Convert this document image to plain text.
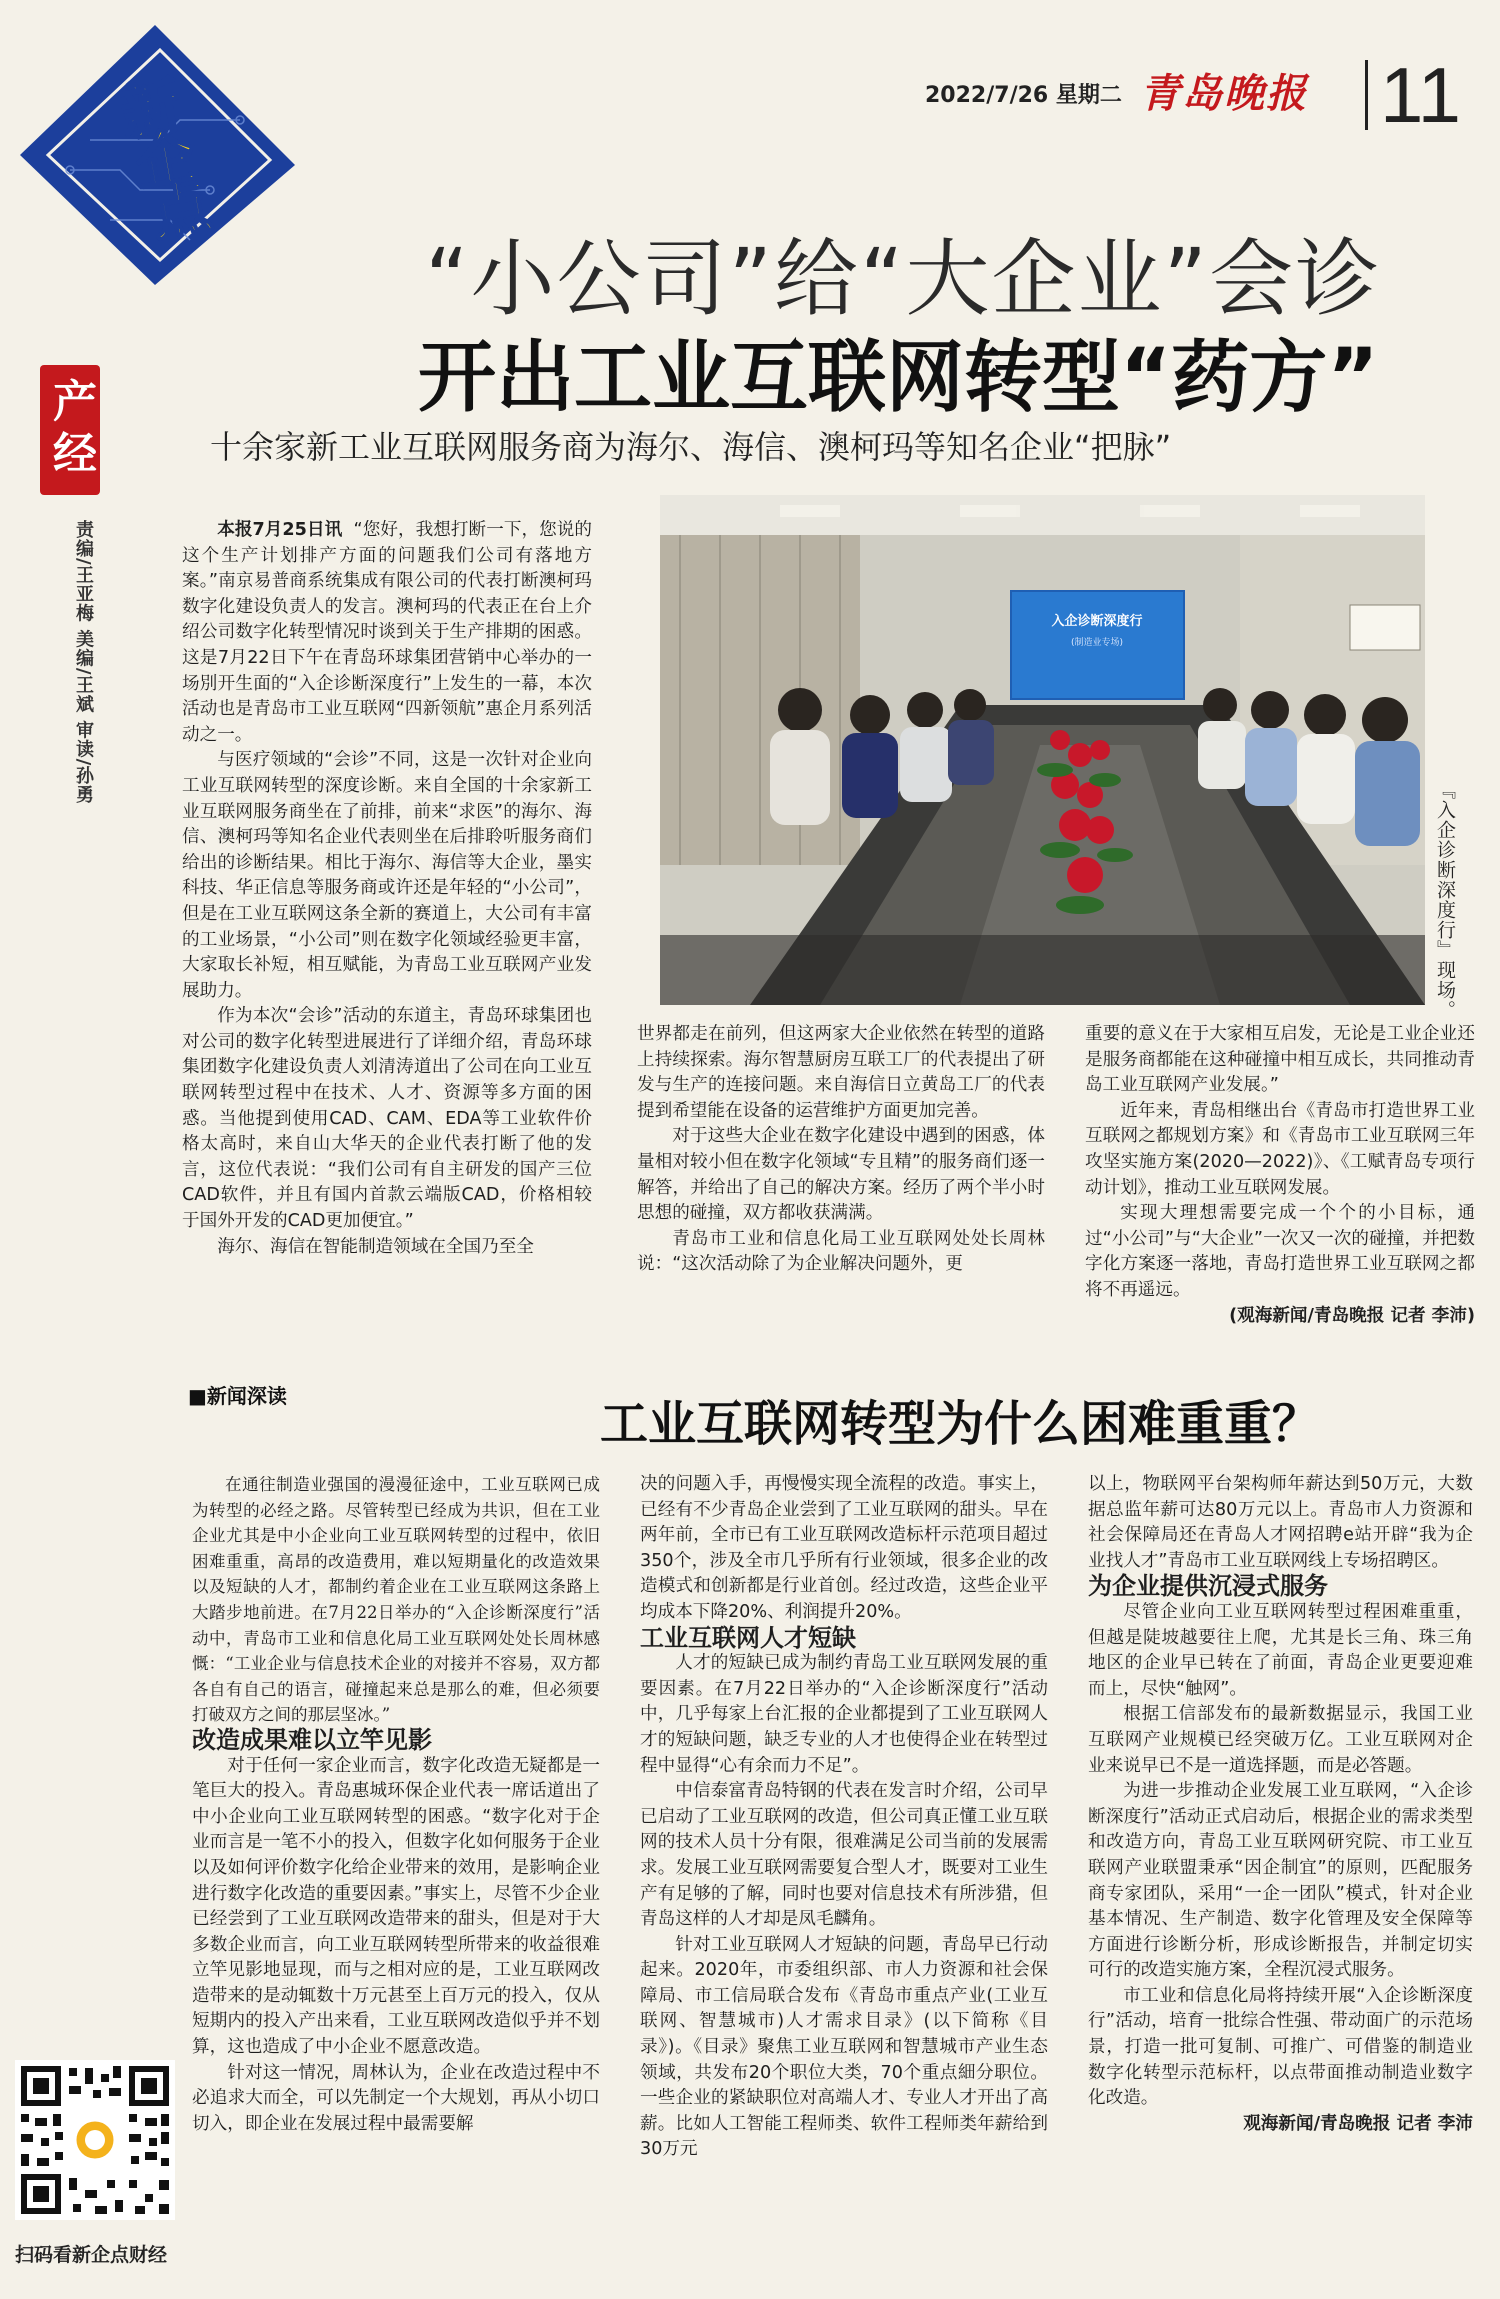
新
企
点
2022/7/26 星期二 青岛晚报 11
产经
责编/王亚梅 美编/王斌 审读/孙勇
“小公司”给“大企业”会诊
开出工业互联网转型“药方”
十余家新工业互联网服务商为海尔、海信、澳柯玛等知名企业“把脉”
入企诊断深度行
(制造业专场)
『入企诊断深度行』现场。

本报7月25日讯 “您好，我想打断一下，您说的这个生产计划排产方面的问题我们公司有落地方案。”南京易普商系统集成有限公司的代表打断澳柯玛数字化建设负责人的发言。澳柯玛的代表正在台上介绍公司数字化转型情况时谈到关于生产排期的困惑。这是7月22日下午在青岛环球集团营销中心举办的一场別开生面的“入企诊断深度行”上发生的一幕，本次活动也是青岛市工业互联网“四新领航”惠企月系列活动之一。

与医疗领域的“会诊”不同，这是一次针对企业向工业互联网转型的深度诊断。来自全国的十余家新工业互联网服务商坐在了前排，前来“求医”的海尔、海信、澳柯玛等知名企业代表则坐在后排聆听服务商们给出的诊断结果。相比于海尔、海信等大企业，墨实科技、华正信息等服务商或许还是年轻的“小公司”，但是在工业互联网这条全新的赛道上，大公司有丰富的工业场景，“小公司”则在数字化领域经验更丰富，大家取长补短，相互赋能，为青岛工业互联网产业发展助力。

作为本次“会诊”活动的东道主，青岛环球集团也对公司的数字化转型进展进行了详细介绍，青岛环球集团数字化建设负责人刘清涛道出了公司在向工业互联网转型过程中在技术、人才、资源等多方面的困惑。当他提到使用CAD、CAM、EDA等工业软件价格太高时，来自山大华天的企业代表打断了他的发言，这位代表说：“我们公司有自主研发的国产三位CAD软件，并且有国内首款云端版CAD，价格相较于国外开发的CAD更加便宜。”

海尔、海信在智能制造领域在全国乃至全

世界都走在前列，但这两家大企业依然在转型的道路上持续探索。海尔智慧厨房互联工厂的代表提出了研发与生产的连接问题。来自海信日立黄岛工厂的代表提到希望能在设备的运营维护方面更加完善。

对于这些大企业在数字化建设中遇到的困惑，体量相对较小但在数字化领域“专且精”的服务商们逐一解答，并给出了自己的解决方案。经历了两个半小时思想的碰撞，双方都收获满满。

青岛市工业和信息化局工业互联网处处长周林说：“这次活动除了为企业解决问题外，更

重要的意义在于大家相互启发，无论是工业企业还是服务商都能在这种碰撞中相互成长，共同推动青岛工业互联网产业发展。”

近年来，青岛相继出台《青岛市打造世界工业互联网之都规划方案》和《青岛市工业互联网三年攻坚实施方案(2020—2022)》、《工赋青岛专项行动计划》，推动工业互联网发展。

实现大理想需要完成一个个的小目标，通过“小公司”与“大企业”一次又一次的碰撞，并把数字化方案逐一落地，青岛打造世界工业互联网之都将不再遥远。

(观海新闻/青岛晚报 记者 李沛)

■新闻深读	工业互联网转型为什么困难重重？

在通往制造业强国的漫漫征途中，工业互联网已成为转型的必经之路。尽管转型已经成为共识，但在工业企业尤其是中小企业向工业互联网转型的过程中，依旧困难重重，高昂的改造费用，难以短期量化的改造效果以及短缺的人才，都制约着企业在工业互联网这条路上大踏步地前进。在7月22日举办的“入企诊断深度行”活动中，青岛市工业和信息化局工业互联网处处长周林感慨：“工业企业与信息技术企业的对接并不容易，双方都各自有自己的语言，碰撞起来总是那么的难，但必须要打破双方之间的那层坚冰。”

改造成果难以立竿见影

对于任何一家企业而言，数字化改造无疑都是一笔巨大的投入。青岛惠城环保企业代表一席话道出了中小企业向工业互联网转型的困惑。“数字化对于企业而言是一笔不小的投入，但数字化如何服务于企业以及如何评价数字化给企业带来的效用，是影响企业进行数字化改造的重要因素。”事实上，尽管不少企业已经尝到了工业互联网改造带来的甜头，但是对于大多数企业而言，向工业互联网转型所带来的收益很难立竿见影地显现，而与之相对应的是，工业互联网改造带来的是动辄数十万元甚至上百万元的投入，仅从短期内的投入产出来看，工业互联网改造似乎并不划算，这也造成了中小企业不愿意改造。

针对这一情况，周林认为，企业在改造过程中不必追求大而全，可以先制定一个大规划，再从小切口切入，即企业在发展过程中最需要解

决的问题入手，再慢慢实现全流程的改造。事实上，已经有不少青岛企业尝到了工业互联网的甜头。早在两年前，全市已有工业互联网改造标杆示范项目超过350个，涉及全市几乎所有行业领域，很多企业的改造模式和创新都是行业首创。经过改造，这些企业平均成本下降20%、利润提升20%。

工业互联网人才短缺

人才的短缺已成为制约青岛工业互联网发展的重要因素。在7月22日举办的“入企诊断深度行”活动中，几乎每家上台汇报的企业都提到了工业互联网人才的短缺问题，缺乏专业的人才也使得企业在转型过程中显得“心有余而力不足”。

中信泰富青岛特钢的代表在发言时介绍，公司早已启动了工业互联网的改造，但公司真正懂工业互联网的技术人员十分有限，很难满足公司当前的发展需求。发展工业互联网需要复合型人才，既要对工业生产有足够的了解，同时也要对信息技术有所涉猎，但青岛这样的人才却是凤毛麟角。

针对工业互联网人才短缺的问题，青岛早已行动起来。2020年，市委组织部、市人力资源和社会保障局、市工信局联合发布《青岛市重点产业(工业互联网、智慧城市)人才需求目录》(以下简称《目录》)。《目录》聚焦工业互联网和智慧城市产业生态领域，共发布20个职位大类，70个重点細分职位。一些企业的紧缺职位对高端人才、专业人才开出了高薪。比如人工智能工程师类、软件工程师类年薪给到30万元

以上，物联网平台架构师年薪达到50万元，大数据总监年薪可达80万元以上。青岛市人力资源和社会保障局还在青岛人才网招聘e站开辟“我为企业找人才”青岛市工业互联网线上专场招聘区。

为企业提供沉浸式服务

尽管企业向工业互联网转型过程困难重重，但越是陡坡越要往上爬，尤其是长三角、珠三角地区的企业早已转在了前面，青岛企业更要迎难而上，尽快“触网”。

根据工信部发布的最新数据显示，我国工业互联网产业规模已经突破万亿。工业互联网对企业来说早已不是一道选择题，而是必答题。

为进一步推动企业发展工业互联网，“入企诊断深度行”活动正式启动后，根据企业的需求类型和改造方向，青岛工业互联网研究院、市工业互联网产业联盟秉承“因企制宜”的原则，匹配服务商专家团队，采用“一企一团队”模式，针对企业基本情况、生产制造、数字化管理及安全保障等方面进行诊断分析，形成诊断报告，并制定切实可行的改造实施方案，全程沉浸式服务。

市工业和信息化局将持续开展“入企诊断深度行”活动，培育一批综合性强、带动面广的示范场景，打造一批可复制、可推广、可借鉴的制造业数字化转型示范标杆，以点带面推动制造业数字化改造。

观海新闻/青岛晚报 记者 李沛

扫码看新企点财经
